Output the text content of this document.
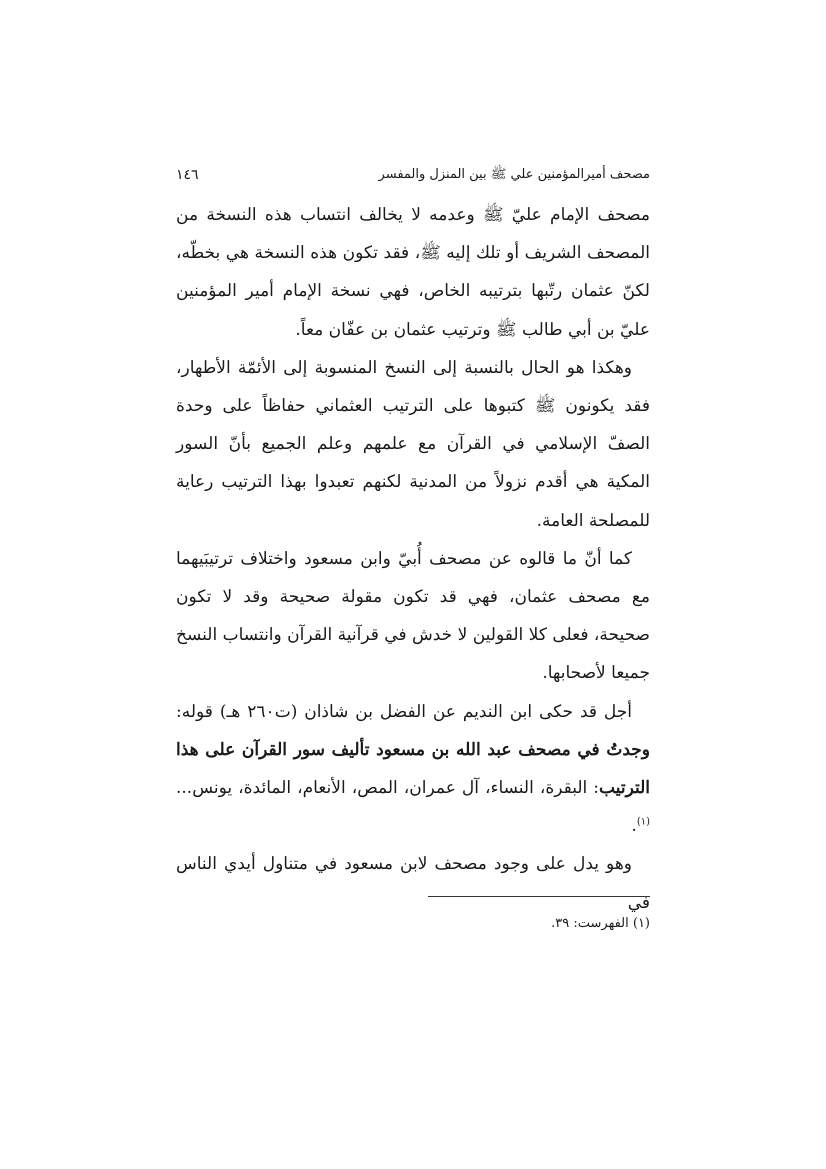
١٤٦	مصحف أميرالمؤمنين علي ﷺ بين المنزل والمفسر

مصحف الإمام عليّ ﷺ وعدمه لا يخالف انتساب هذه النسخة من المصحف الشريف أو تلك إليه ﷺ، فقد تكون هذه النسخة هي بخطّه، لكنّ عثمان رتّبها بترتيبه الخاص، فهي نسخة الإمام أمير المؤمنين عليّ بن أبي طالب ﷺ وترتيب عثمان بن عفّان معاً.

وهكذا هو الحال بالنسبة إلى النسخ المنسوبة إلى الأئمّة الأطهار، فقد يكونون ﷺ كتبوها على الترتيب العثماني حفاظاً على وحدة الصفّ الإسلامي في القرآن مع علمهم وعلم الجميع بأنّ السور المكية هي أقدم نزولاً من المدنية لكنهم تعبدوا بهذا الترتيب رعاية للمصلحة العامة.

كما أنّ ما قالوه عن مصحف أُبيّ وابن مسعود واختلاف ترتيبَيهما مع مصحف عثمان، فهي قد تكون مقولة صحيحة وقد لا تكون صحيحة، فعلى كلا القولين لا خدش في قرآنية القرآن وانتساب النسخ جميعا لأصحابها.

أجل قد حكى ابن النديم عن الفضل بن شاذان (ت٢٦٠ هـ) قوله: وجدتُ في مصحف عبد الله بن مسعود تأليف سور القرآن على هذا الترتيب: البقرة، النساء، آل عمران، المص، الأنعام، المائدة، يونس...$^{(١)}$.

وهو يدل على وجود مصحف لابن مسعود في متناول أيدي الناس في

(١) الفهرست: ٣٩.
